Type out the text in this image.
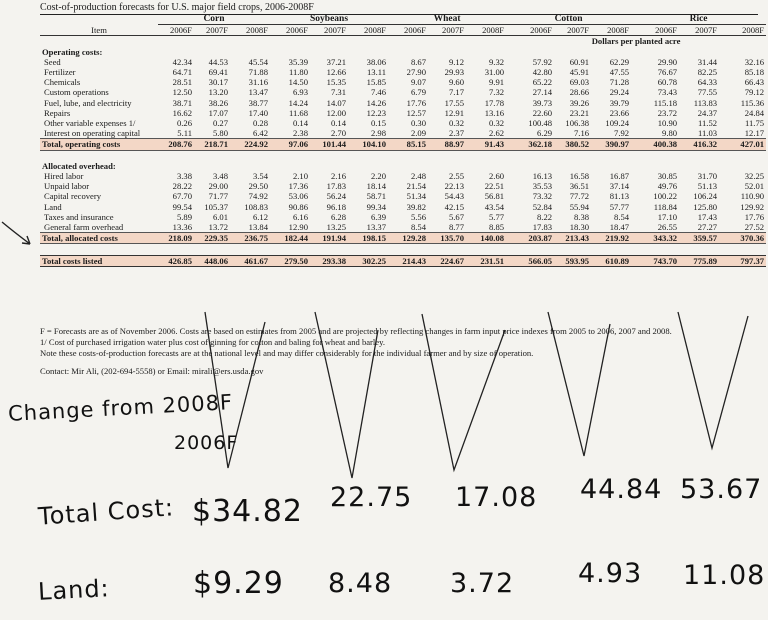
Cost-of-production forecasts for U.S. major field crops, 2006-2008F
	Corn			Soybeans			Wheat			Cotton			Rice		
Item	2006F	2007F	2008F	2006F	2007F	2008F	2006F	2007F	2008F	2006F	2007F	2008F	2006F	2007F	2008F
										Dollars per planted acre					
Operating costs:															
Seed	42.34	44.53	45.54	35.39	37.21	38.06	8.67	9.12	9.32	57.92	60.91	62.29	29.90	31.44	32.16
Fertilizer	64.71	69.41	71.88	11.80	12.66	13.11	27.90	29.93	31.00	42.80	45.91	47.55	76.67	82.25	85.18
Chemicals	28.51	30.17	31.16	14.50	15.35	15.85	9.07	9.60	9.91	65.22	69.03	71.28	60.78	64.33	66.43
Custom operations	12.50	13.20	13.47	6.93	7.31	7.46	6.79	7.17	7.32	27.14	28.66	29.24	73.43	77.55	79.12
Fuel, lube, and electricity	38.71	38.26	38.77	14.24	14.07	14.26	17.76	17.55	17.78	39.73	39.26	39.79	115.18	113.83	115.36
Repairs	16.62	17.07	17.40	11.68	12.00	12.23	12.57	12.91	13.16	22.60	23.21	23.66	23.72	24.37	24.84
Other variable expenses 1/	0.26	0.27	0.28	0.14	0.14	0.15	0.30	0.32	0.32	100.48	106.38	109.24	10.90	11.52	11.75
Interest on operating capital	5.11	5.80	6.42	2.38	2.70	2.98	2.09	2.37	2.62	6.29	7.16	7.92	9.80	11.03	12.17
Total, operating costs	208.76	218.71	224.92	97.06	101.44	104.10	85.15	88.97	91.43	362.18	380.52	390.97	400.38	416.32	427.01

Allocated overhead:															
Hired labor	3.38	3.48	3.54	2.10	2.16	2.20	2.48	2.55	2.60	16.13	16.58	16.87	30.85	31.70	32.25
Unpaid labor	28.22	29.00	29.50	17.36	17.83	18.14	21.54	22.13	22.51	35.53	36.51	37.14	49.76	51.13	52.01
Capital recovery	67.70	71.77	74.92	53.06	56.24	58.71	51.34	54.43	56.81	73.32	77.72	81.13	100.22	106.24	110.90
Land	99.54	105.37	108.83	90.86	96.18	99.34	39.82	42.15	43.54	52.84	55.94	57.77	118.84	125.80	129.92
Taxes and insurance	5.89	6.01	6.12	6.16	6.28	6.39	5.56	5.67	5.77	8.22	8.38	8.54	17.10	17.43	17.76
General farm overhead	13.36	13.72	13.84	12.90	13.25	13.37	8.54	8.77	8.85	17.83	18.30	18.47	26.55	27.27	27.52
Total, allocated costs	218.09	229.35	236.75	182.44	191.94	198.15	129.28	135.70	140.08	203.87	213.43	219.92	343.32	359.57	370.36

Total costs listed	426.85	448.06	461.67	279.50	293.38	302.25	214.43	224.67	231.51	566.05	593.95	610.89	743.70	775.89	797.37
F = Forecasts are as of November 2006. Costs are based on estimates from 2005 and are projected by reflecting changes in farm input price indexes from 2005 to 2006, 2007 and 2008.
1/ Cost of purchased irrigation water plus cost of ginning for cotton and baling for wheat and barley.
Note these costs-of-production forecasts are at the national level and may differ considerably for the individual farmer and by size of operation.
Contact: Mir Ali, (202-694-5558) or Email: mirali@ers.usda.gov
Change from 2008F
2006F
Total Cost: $34.82 22.75 17.08 44.84 53.67
Land:	$9.29 8.48 3.72 4.93 11.08
